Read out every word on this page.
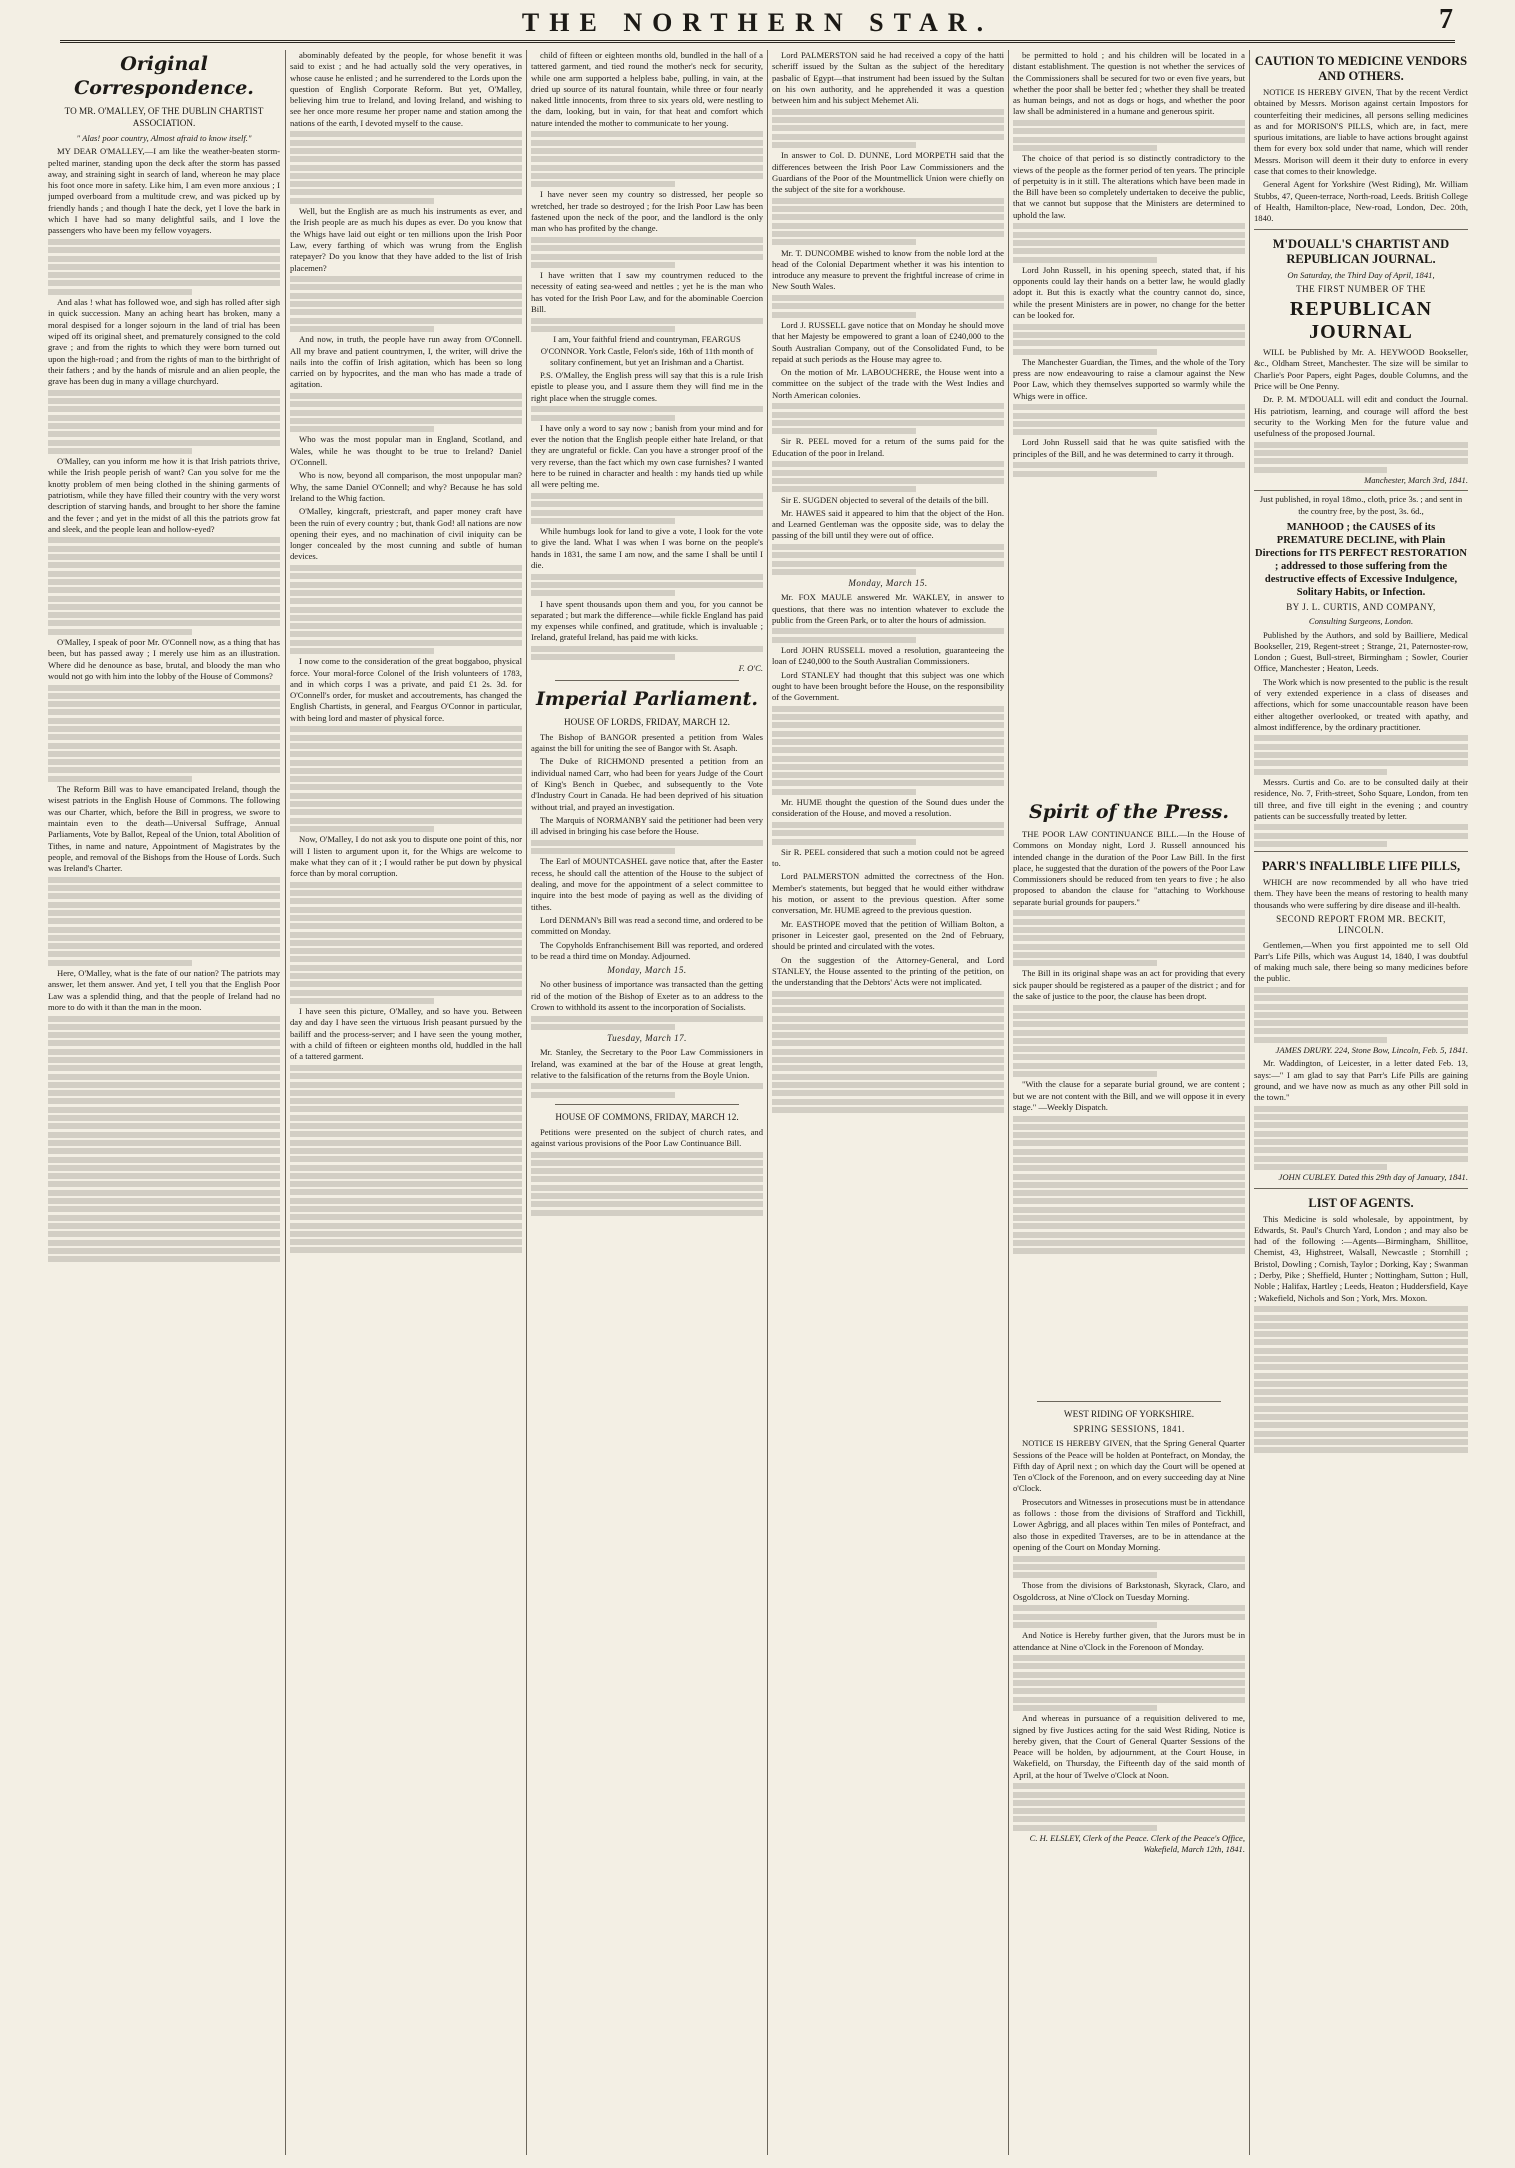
THE NORTHERN STAR.	7
Original Correspondence.
TO MR. O'MALLEY, OF THE DUBLIN CHARTIST ASSOCIATION.

" Alas! poor country, Almost afraid to know itself."

MY DEAR O'MALLEY,—I am like the weather-beaten storm-pelted mariner, standing upon the deck after the storm has passed away, and straining sight in search of land, whereon he may place his foot once more in safety. Like him, I am even more anxious ; I jumped overboard from a multitude crew, and was picked up by friendly hands ; and though I hate the deck, yet I love the bark in which I have had so many delightful sails, and I love the passengers who have been my fellow voyagers.

And alas ! what has followed woe, and sigh has rolled after sigh in quick succession. Many an aching heart has broken, many a moral despised for a longer sojourn in the land of trial has been wiped off its original sheet, and prematurely consigned to the cold grave ; and from the rights to which they were born turned out upon the high-road ; and from the rights of man to the birthright of their fathers ; and by the hands of misrule and an alien people, the grave has been dug in many a village churchyard.

O'Malley, can you inform me how it is that Irish patriots thrive, while the Irish people perish of want? Can you solve for me the knotty problem of men being clothed in the shining garments of patriotism, while they have filled their country with the very worst description of starving hands, and brought to her shore the famine and the fever ; and yet in the midst of all this the patriots grow fat and sleek, and the people lean and hollow-eyed?

O'Malley, I speak of poor Mr. O'Connell now, as a thing that has been, but has passed away ; I merely use him as an illustration. Where did he denounce as base, brutal, and bloody the man who would not go with him into the lobby of the House of Commons?

The Reform Bill was to have emancipated Ireland, though the wisest patriots in the English House of Commons. The following was our Charter, which, before the Bill in progress, we swore to maintain even to the death—Universal Suffrage, Annual Parliaments, Vote by Ballot, Repeal of the Union, total Abolition of Tithes, in name and nature, Appointment of Magistrates by the people, and removal of the Bishops from the House of Lords. Such was Ireland's Charter.

Here, O'Malley, what is the fate of our nation? The patriots may answer, let them answer. And yet, I tell you that the English Poor Law was a splendid thing, and that the people of Ireland had no more to do with it than the man in the moon.

abominably defeated by the people, for whose benefit it was said to exist ; and he had actually sold the very operatives, in whose cause he enlisted ; and he surrendered to the Lords upon the question of English Corporate Reform. But yet, O'Malley, believing him true to Ireland, and loving Ireland, and wishing to see her once more resume her proper name and station among the nations of the earth, I devoted myself to the cause.

Well, but the English are as much his instruments as ever, and the Irish people are as much his dupes as ever. Do you know that the Whigs have laid out eight or ten millions upon the Irish Poor Law, every farthing of which was wrung from the English ratepayer? Do you know that they have added to the list of Irish placemen?

And now, in truth, the people have run away from O'Connell. All my brave and patient countrymen, I, the writer, will drive the nails into the coffin of Irish agitation, which has been so long carried on by hypocrites, and the man who has made a trade of agitation.

Who was the most popular man in England, Scotland, and Wales, while he was thought to be true to Ireland? Daniel O'Connell.

Who is now, beyond all comparison, the most unpopular man? Why, the same Daniel O'Connell; and why? Because he has sold Ireland to the Whig faction.

O'Malley, kingcraft, priestcraft, and paper money craft have been the ruin of every country ; but, thank God! all nations are now opening their eyes, and no machination of civil iniquity can be longer concealed by the most cunning and subtle of human devices.

I now come to the consideration of the great boggaboo, physical force. Your moral-force Colonel of the Irish volunteers of 1783, and in which corps I was a private, and paid £1 2s. 3d. for O'Connell's order, for musket and accoutrements, has changed the English Chartists, in general, and Feargus O'Connor in particular, with being lord and master of physical force.

Now, O'Malley, I do not ask you to dispute one point of this, nor will I listen to argument upon it, for the Whigs are welcome to make what they can of it ; I would rather be put down by physical force than by moral corruption.

I have seen this picture, O'Malley, and so have you. Between day and day I have seen the virtuous Irish peasant pursued by the bailiff and the process-server; and I have seen the young mother, with a child of fifteen or eighteen months old, huddled in the hall of a tattered garment.

child of fifteen or eighteen months old, bundled in the hall of a tattered garment, and tied round the mother's neck for security, while one arm supported a helpless babe, pulling, in vain, at the dried up source of its natural fountain, while three or four nearly naked little innocents, from three to six years old, were nestling to the dam, looking, but in vain, for that heat and comfort which nature intended the mother to communicate to her young.

I have never seen my country so distressed, her people so wretched, her trade so destroyed ; for the Irish Poor Law has been fastened upon the neck of the poor, and the landlord is the only man who has profited by the change.

I have written that I saw my countrymen reduced to the necessity of eating sea-weed and nettles ; yet he is the man who has voted for the Irish Poor Law, and for the abominable Coercion Bill.

I am, Your faithful friend and countryman, FEARGUS O'CONNOR. York Castle, Felon's side, 16th of 11th month of solitary confinement, but yet an Irishman and a Chartist.

P.S. O'Malley, the English press will say that this is a rule Irish epistle to please you, and I assure them they will find me in the right place when the struggle comes.

I have only a word to say now ; banish from your mind and for ever the notion that the English people either hate Ireland, or that they are ungrateful or fickle. Can you have a stronger proof of the very reverse, than the fact which my own case furnishes? I wanted here to be ruined in character and health : my hands tied up while all were pelting me.

While humbugs look for land to give a vote, I look for the vote to give the land. What I was when I was borne on the people's hands in 1831, the same I am now, and the same I shall be until I die.

I have spent thousands upon them and you, for you cannot be separated ; but mark the difference—while fickle England has paid my expenses while confined, and gratitude, which is invaluable ; Ireland, grateful Ireland, has paid me with kicks.

F. O'C.
Imperial Parliament.
HOUSE OF LORDS, FRIDAY, MARCH 12.

The Bishop of BANGOR presented a petition from Wales against the bill for uniting the see of Bangor with St. Asaph.

The Duke of RICHMOND presented a petition from an individual named Carr, who had been for years Judge of the Court of King's Bench in Quebec, and subsequently to the Vote d'Industry Court in Canada. He had been deprived of his situation without trial, and prayed an investigation.

The Marquis of NORMANBY said the petitioner had been very ill advised in bringing his case before the House.

The Earl of MOUNTCASHEL gave notice that, after the Easter recess, he should call the attention of the House to the subject of dealing, and move for the appointment of a select committee to inquire into the best mode of paying as well as the dividing of tithes.

Lord DENMAN's Bill was read a second time, and ordered to be committed on Monday.

The Copyholds Enfranchisement Bill was reported, and ordered to be read a third time on Monday. Adjourned.

Monday, March 15.

No other business of importance was transacted than the getting rid of the motion of the Bishop of Exeter as to an address to the Crown to withhold its assent to the incorporation of Socialists.

Tuesday, March 17.

Mr. Stanley, the Secretary to the Poor Law Commissioners in Ireland, was examined at the bar of the House at great length, relative to the falsification of the returns from the Boyle Union.

HOUSE OF COMMONS, FRIDAY, MARCH 12.

Petitions were presented on the subject of church rates, and against various provisions of the Poor Law Continuance Bill.

Lord PALMERSTON said he had received a copy of the hatti scheriff issued by the Sultan as the subject of the hereditary pasbalic of Egypt—that instrument had been issued by the Sultan on his own authority, and he apprehended it was a question between him and his subject Mehemet Ali.

In answer to Col. D. DUNNE, Lord MORPETH said that the differences between the Irish Poor Law Commissioners and the Guardians of the Poor of the Mountmellick Union were chiefly on the subject of the site for a workhouse.

Mr. T. DUNCOMBE wished to know from the noble lord at the head of the Colonial Department whether it was his intention to introduce any measure to prevent the frightful increase of crime in New South Wales.

Lord J. RUSSELL gave notice that on Monday he should move that her Majesty be empowered to grant a loan of £240,000 to the South Australian Company, out of the Consolidated Fund, to be repaid at such periods as the House may agree to.

On the motion of Mr. LABOUCHERE, the House went into a committee on the subject of the trade with the West Indies and North American colonies.

Sir R. PEEL moved for a return of the sums paid for the Education of the poor in Ireland.

Sir E. SUGDEN objected to several of the details of the bill.

Mr. HAWES said it appeared to him that the object of the Hon. and Learned Gentleman was the opposite side, was to delay the passing of the bill until they were out of office.

Monday, March 15.

Mr. FOX MAULE answered Mr. WAKLEY, in answer to questions, that there was no intention whatever to exclude the public from the Green Park, or to alter the hours of admission.

Lord JOHN RUSSELL moved a resolution, guaranteeing the loan of £240,000 to the South Australian Commissioners.

Lord STANLEY had thought that this subject was one which ought to have been brought before the House, on the responsibility of the Government.

Mr. HUME thought the question of the Sound dues under the consideration of the House, and moved a resolution.

Sir R. PEEL considered that such a motion could not be agreed to.

Lord PALMERSTON admitted the correctness of the Hon. Member's statements, but begged that he would either withdraw his motion, or assent to the previous question. After some conversation, Mr. HUME agreed to the previous question.

Mr. EASTHOPE moved that the petition of William Bolton, a prisoner in Leicester gaol, presented on the 2nd of February, should be printed and circulated with the votes.

On the suggestion of the Attorney-General, and Lord STANLEY, the House assented to the printing of the petition, on the understanding that the Debtors' Acts were not implicated.

be permitted to hold ; and his children will be located in a distant establishment. The question is not whether the services of the Commissioners shall be secured for two or even five years, but whether the poor shall be better fed ; whether they shall be treated as human beings, and not as dogs or hogs, and whether the poor law shall be administered in a humane and generous spirit.

The choice of that period is so distinctly contradictory to the views of the people as the former period of ten years. The principle of perpetuity is in it still. The alterations which have been made in the Bill have been so completely undertaken to deceive the public, that we cannot but suppose that the Ministers are determined to uphold the law.

Lord John Russell, in his opening speech, stated that, if his opponents could lay their hands on a better law, he would gladly adopt it. But this is exactly what the country cannot do, since, while the present Ministers are in power, no change for the better can be looked for.

The Manchester Guardian, the Times, and the whole of the Tory press are now endeavouring to raise a clamour against the New Poor Law, which they themselves supported so warmly while the Whigs were in office.

Lord John Russell said that he was quite satisfied with the principles of the Bill, and he was determined to carry it through.

Spirit of the Press.

THE POOR LAW CONTINUANCE BILL.—In the House of Commons on Monday night, Lord J. Russell announced his intended change in the duration of the Poor Law Bill. In the first place, he suggested that the duration of the powers of the Poor Law Commissioners should be reduced from ten years to five ; he also proposed to abandon the clause for "attaching to Workhouse separate burial grounds for paupers."

The Bill in its original shape was an act for providing that every sick pauper should be registered as a pauper of the district ; and for the sake of justice to the poor, the clause has been dropt.

"With the clause for a separate burial ground, we are content ; but we are not content with the Bill, and we will oppose it in every stage." —Weekly Dispatch.

WEST RIDING OF YORKSHIRE.
SPRING SESSIONS, 1841.

NOTICE IS HEREBY GIVEN, that the Spring General Quarter Sessions of the Peace will be holden at Pontefract, on Monday, the Fifth day of April next ; on which day the Court will be opened at Ten o'Clock of the Forenoon, and on every succeeding day at Nine o'Clock.

Prosecutors and Witnesses in prosecutions must be in attendance as follows : those from the divisions of Strafford and Tickhill, Lower Agbrigg, and all places within Ten miles of Pontefract, and also those in expedited Traverses, are to be in attendance at the opening of the Court on Monday Morning.

Those from the divisions of Barkstonash, Skyrack, Claro, and Osgoldcross, at Nine o'Clock on Tuesday Morning.

And Notice is Hereby further given, that the Jurors must be in attendance at Nine o'Clock in the Forenoon of Monday.

And whereas in pursuance of a requisition delivered to me, signed by five Justices acting for the said West Riding, Notice is hereby given, that the Court of General Quarter Sessions of the Peace will be holden, by adjournment, at the Court House, in Wakefield, on Thursday, the Fifteenth day of the said month of April, at the hour of Twelve o'Clock at Noon.

C. H. ELSLEY, Clerk of the Peace. Clerk of the Peace's Office, Wakefield, March 12th, 1841.
CAUTION TO MEDICINE VENDORS AND OTHERS.

NOTICE IS HEREBY GIVEN, That by the recent Verdict obtained by Messrs. Morison against certain Impostors for counterfeiting their medicines, all persons selling medicines as and for MORISON'S PILLS, which are, in fact, mere spurious imitations, are liable to have actions brought against them for every box sold under that name, which will render Messrs. Morison will deem it their duty to enforce in every case that comes to their knowledge.

General Agent for Yorkshire (West Riding), Mr. William Stubbs, 47, Queen-terrace, North-road, Leeds. British College of Health, Hamilton-place, New-road, London, Dec. 20th, 1840.

M'DOUALL'S CHARTIST AND REPUBLICAN JOURNAL.

On Saturday, the Third Day of April, 1841,

THE FIRST NUMBER OF THE
REPUBLICAN JOURNAL

WILL be Published by Mr. A. HEYWOOD Bookseller, &c., Oldham Street, Manchester. The size will be similar to Charlie's Poor Papers, eight Pages, double Columns, and the Price will be One Penny.

Dr. P. M. M'DOUALL will edit and conduct the Journal. His patriotism, learning, and courage will afford the best security to the Working Men for the future value and usefulness of the proposed Journal.

Manchester, March 3rd, 1841.

Just published, in royal 18mo., cloth, price 3s. ; and sent in the country free, by the post, 3s. 6d.,

MANHOOD ; the CAUSES of its PREMATURE DECLINE, with Plain Directions for ITS PERFECT RESTORATION ; addressed to those suffering from the destructive effects of Excessive Indulgence, Solitary Habits, or Infection.
BY J. L. CURTIS, AND COMPANY,

Consulting Surgeons, London.

Published by the Authors, and sold by Bailliere, Medical Bookseller, 219, Regent-street ; Strange, 21, Paternoster-row, London ; Guest, Bull-street, Birmingham ; Sowler, Courier Office, Manchester ; Heaton, Leeds.

The Work which is now presented to the public is the result of very extended experience in a class of diseases and affections, which for some unaccountable reason have been either altogether overlooked, or treated with apathy, and almost indifference, by the ordinary practitioner.

Messrs. Curtis and Co. are to be consulted daily at their residence, No. 7, Frith-street, Soho Square, London, from ten till three, and five till eight in the evening ; and country patients can be successfully treated by letter.

PARR'S INFALLIBLE LIFE PILLS,

WHICH are now recommended by all who have tried them. They have been the means of restoring to health many thousands who were suffering by dire disease and ill-health.

SECOND REPORT FROM MR. BECKIT, LINCOLN.

Gentlemen,—When you first appointed me to sell Old Parr's Life Pills, which was August 14, 1840, I was doubtful of making much sale, there being so many medicines before the public.

JAMES DRURY. 224, Stone Bow, Lincoln, Feb. 5, 1841.

Mr. Waddington, of Leicester, in a letter dated Feb. 13, says:—" I am glad to say that Parr's Life Pills are gaining ground, and we have now as much as any other Pill sold in the town."

JOHN CUBLEY. Dated this 29th day of January, 1841.

LIST OF AGENTS.

This Medicine is sold wholesale, by appointment, by Edwards, St. Paul's Church Yard, London ; and may also be had of the following :—Agents—Birmingham, Shillitoe, Chemist, 43, Highstreet, Walsall, Newcastle ; Stornhill ; Bristol, Dowling ; Cornish, Taylor ; Dorking, Kay ; Swanman ; Derby, Pike ; Sheffield, Hunter ; Nottingham, Sutton ; Hull, Noble ; Halifax, Hartley ; Leeds, Heaton ; Huddersfield, Kaye ; Wakefield, Nichols and Son ; York, Mrs. Moxon.
